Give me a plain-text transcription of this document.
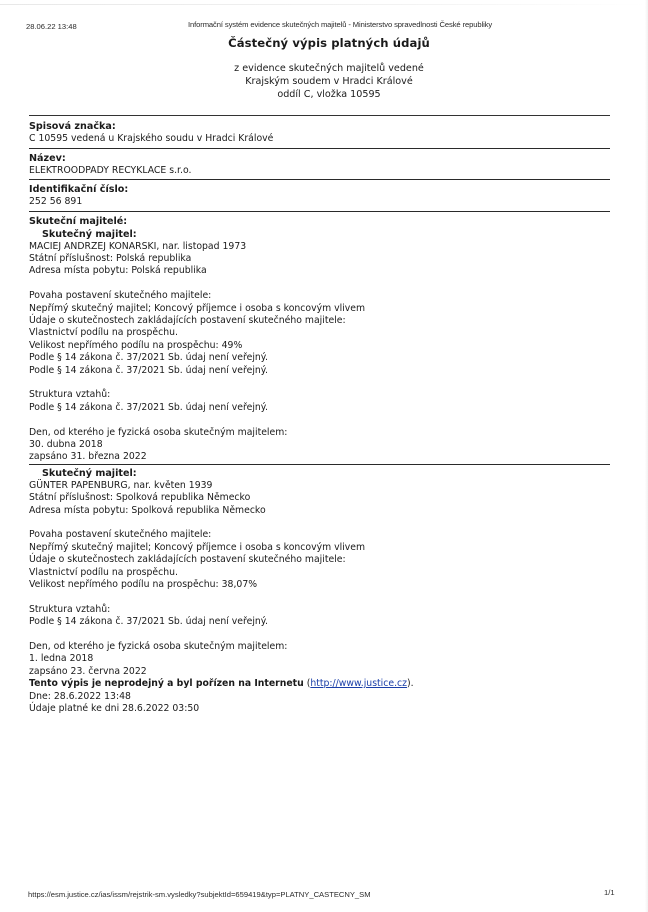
28.06.22 13:48	Informační systém evidence skutečných majitelů - Ministerstvo spravedlnosti České republiky
Částečný výpis platných údajů
z evidence skutečných majitelů vedené
Krajským soudem v Hradci Králové
oddíl C, vložka 10595
Spisová značka:
C 10595 vedená u Krajského soudu v Hradci Králové
Název:
ELEKTROODPADY RECYKLACE s.r.o.
Identifikační číslo:
252 56 891
Skuteční majitelé:
Skutečný majitel:
MACIEJ ANDRZEJ KONARSKI, nar. listopad 1973
Státní příslušnost: Polská republika
Adresa místa pobytu: Polská republika
Povaha postavení skutečného majitele:
Nepřímý skutečný majitel; Koncový příjemce i osoba s koncovým vlivem
Údaje o skutečnostech zakládajících postavení skutečného majitele:
Vlastnictví podílu na prospěchu.
Velikost nepřímého podílu na prospěchu: 49%
Podle § 14 zákona č. 37/2021 Sb. údaj není veřejný.
Podle § 14 zákona č. 37/2021 Sb. údaj není veřejný.
Struktura vztahů:
Podle § 14 zákona č. 37/2021 Sb. údaj není veřejný.
Den, od kterého je fyzická osoba skutečným majitelem:
30. dubna 2018
zapsáno 31. března 2022
Skutečný majitel:
GÜNTER PAPENBURG, nar. květen 1939
Státní příslušnost: Spolková republika Německo
Adresa místa pobytu: Spolková republika Německo
Povaha postavení skutečného majitele:
Nepřímý skutečný majitel; Koncový příjemce i osoba s koncovým vlivem
Údaje o skutečnostech zakládajících postavení skutečného majitele:
Vlastnictví podílu na prospěchu.
Velikost nepřímého podílu na prospěchu: 38,07%
Struktura vztahů:
Podle § 14 zákona č. 37/2021 Sb. údaj není veřejný.
Den, od kterého je fyzická osoba skutečným majitelem:
1. ledna 2018
zapsáno 23. června 2022
Tento výpis je neprodejný a byl pořízen na Internetu (http://www.justice.cz).
Dne: 28.6.2022 13:48
Údaje platné ke dni 28.6.2022 03:50
https://esm.justice.cz/ias/issm/rejstrik-sm.vysledky?subjektId=659419&typ=PLATNY_CASTECNY_SM	1/1
